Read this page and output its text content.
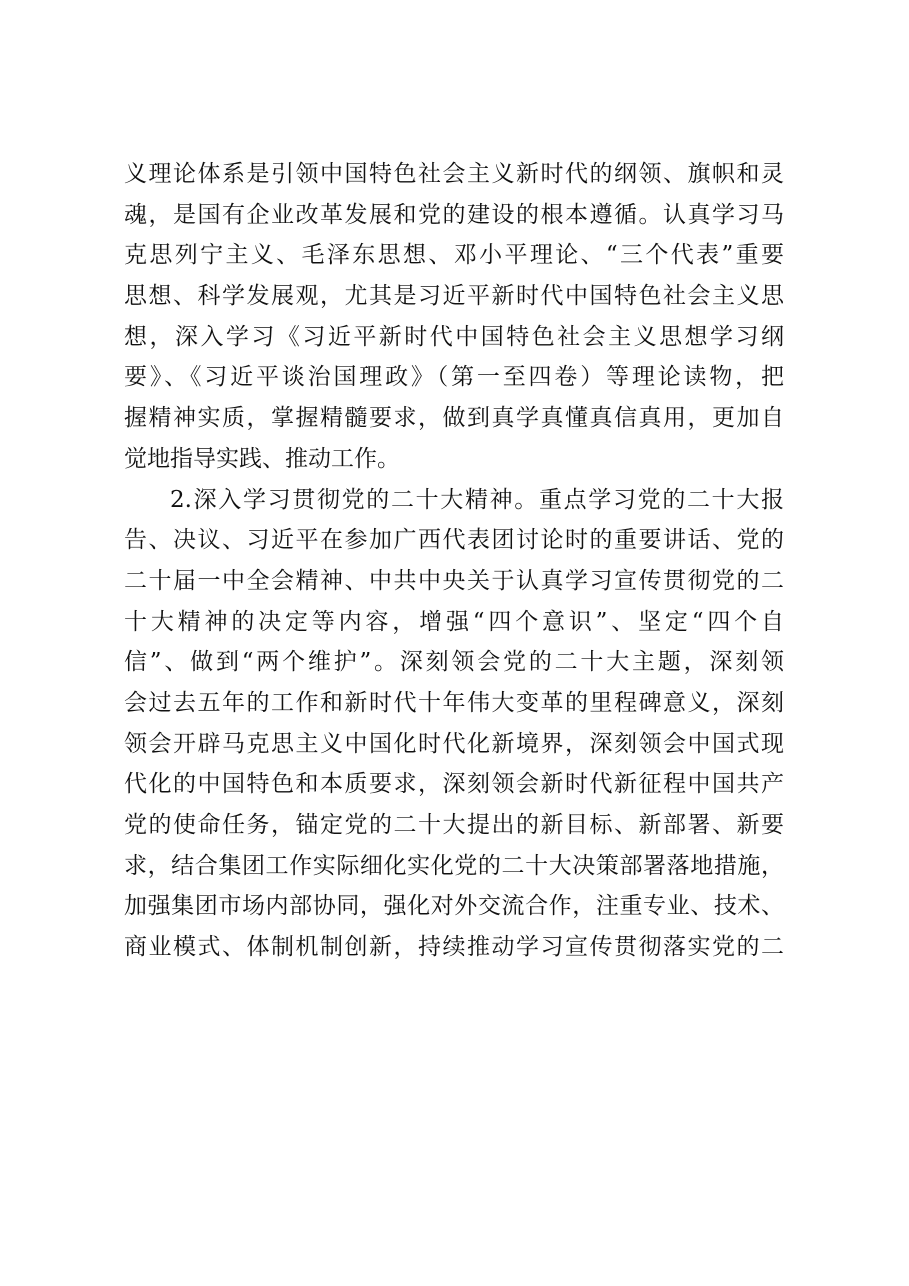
义理论体系是引领中国特色社会主义新时代的纲领、旗帜和灵
魂，是国有企业改革发展和党的建设的根本遵循。认真学习马
克思列宁主义、毛泽东思想、邓小平理论、“三个代表”重要
思想、科学发展观，尤其是习近平新时代中国特色社会主义思
想，深入学习《习近平新时代中国特色社会主义思想学习纲
要》、《习近平谈治国理政》（第一至四卷）等理论读物，把
握精神实质，掌握精髓要求，做到真学真懂真信真用，更加自
觉地指导实践、推动工作。
2.深入学习贯彻党的二十大精神。重点学习党的二十大报
告、决议、习近平在参加广西代表团讨论时的重要讲话、党的
二十届一中全会精神、中共中央关于认真学习宣传贯彻党的二
十大精神的决定等内容，增强“四个意识”、坚定“四个自
信”、做到“两个维护”。深刻领会党的二十大主题，深刻领
会过去五年的工作和新时代十年伟大变革的里程碑意义，深刻
领会开辟马克思主义中国化时代化新境界，深刻领会中国式现
代化的中国特色和本质要求，深刻领会新时代新征程中国共产
党的使命任务，锚定党的二十大提出的新目标、新部署、新要
求，结合集团工作实际细化实化党的二十大决策部署落地措施，
加强集团市场内部协同，强化对外交流合作，注重专业、技术、
商业模式、体制机制创新，持续推动学习宣传贯彻落实党的二
